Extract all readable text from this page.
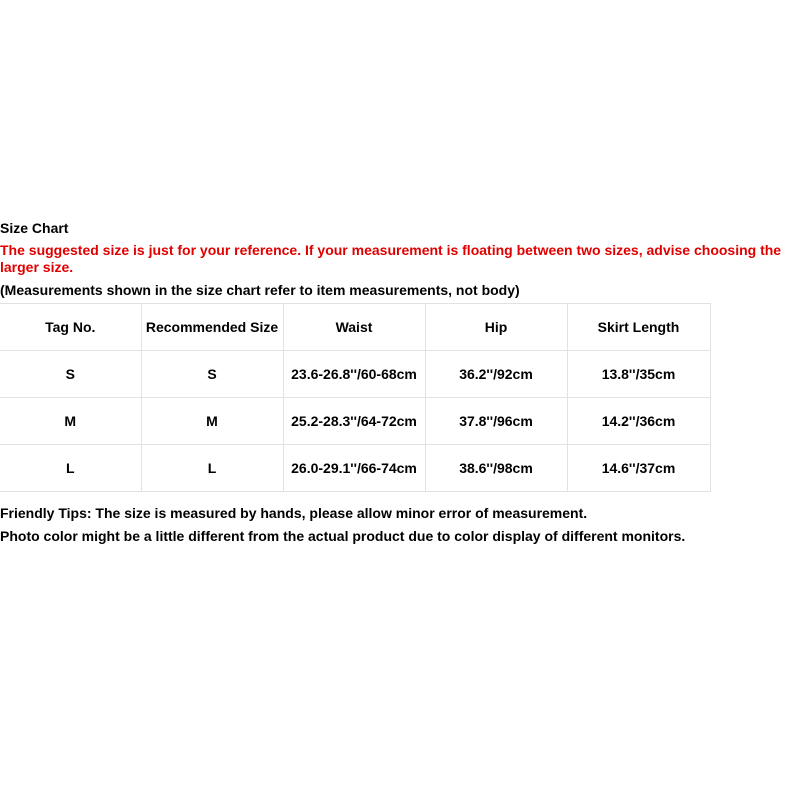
Size Chart

The suggested size is just for your reference. If your measurement is floating between two sizes, advise choosing the larger size.

(Measurements shown in the size chart refer to item measurements, not body)

Tag No.	Recommended Size	Waist	Hip	Skirt Length
S	S	23.6-26.8''/60-68cm	36.2''/92cm	13.8''/35cm
M	M	25.2-28.3''/64-72cm	37.8''/96cm	14.2''/36cm
L	L	26.0-29.1''/66-74cm	38.6''/98cm	14.6''/37cm

Friendly Tips: The size is measured by hands, please allow minor error of measurement.

Photo color might be a little different from the actual product due to color display of different monitors.
